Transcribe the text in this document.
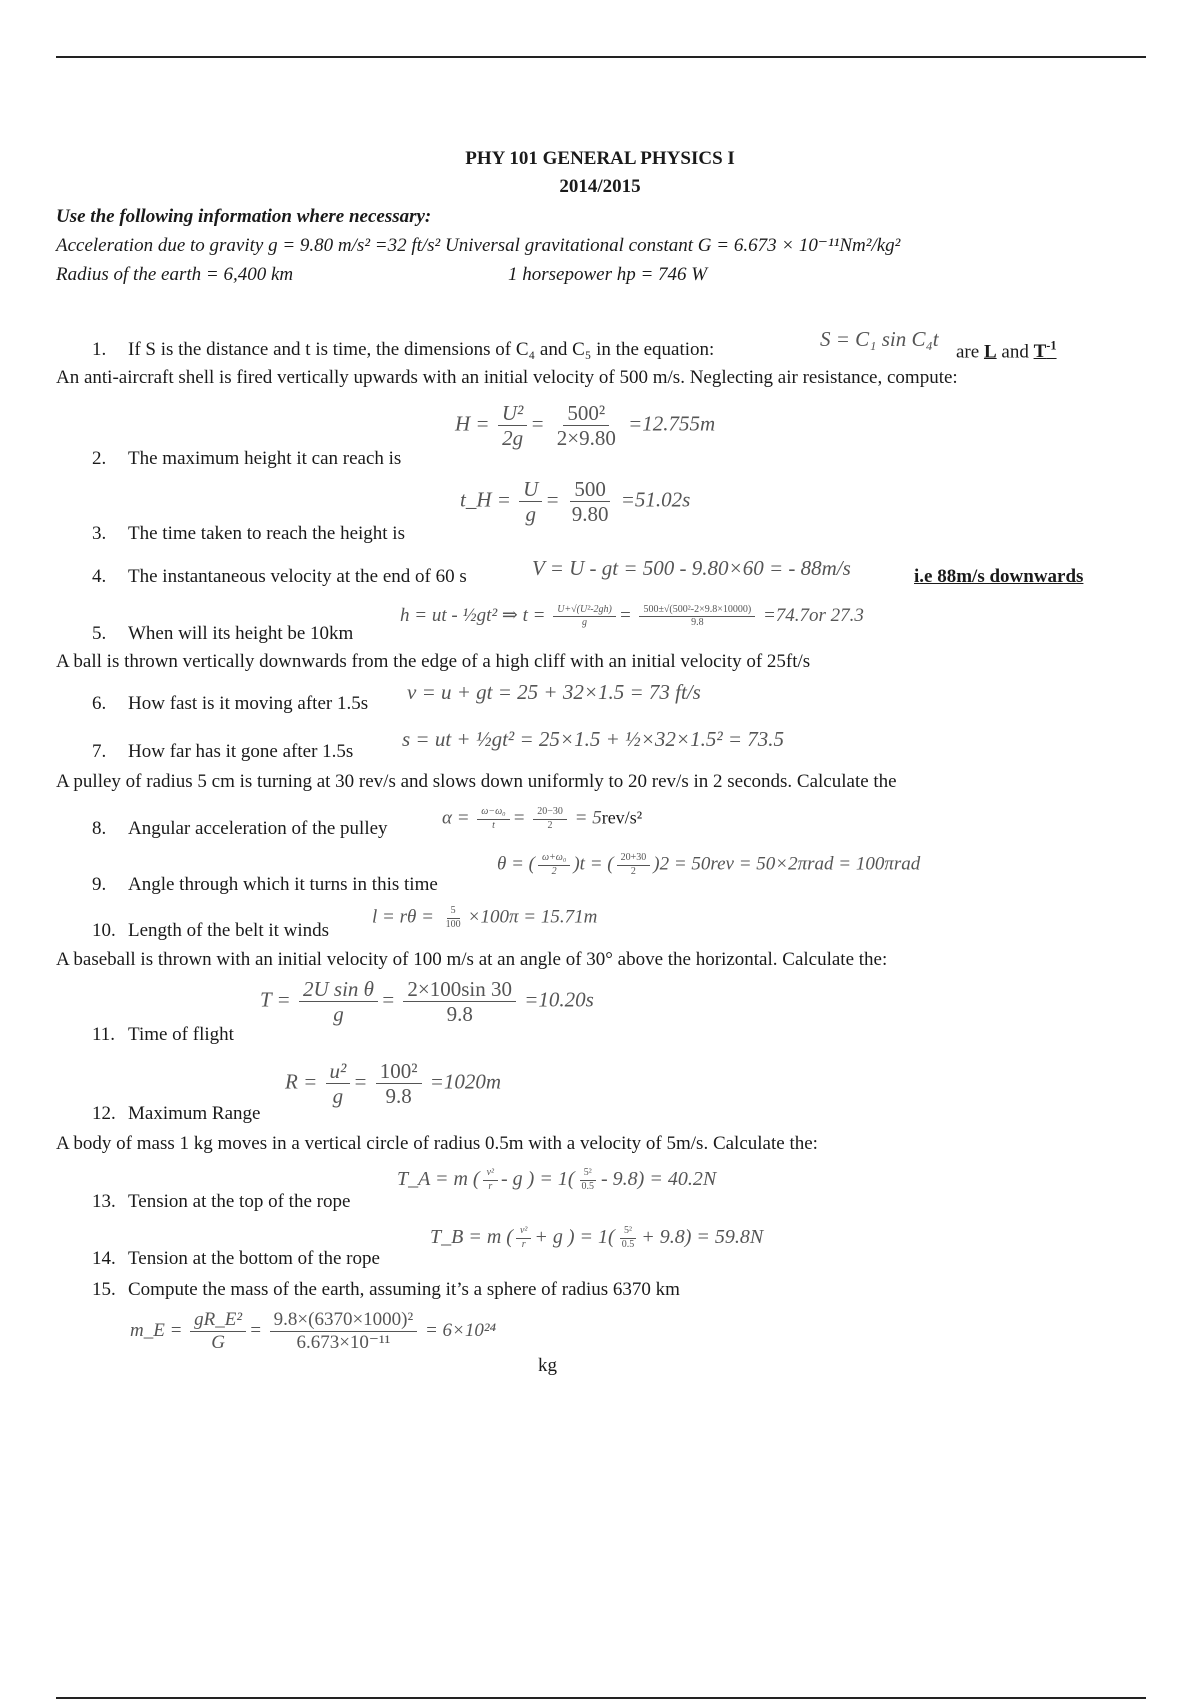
PHY 101 GENERAL PHYSICS I
2014/2015
Use the following information where necessary:
Acceleration due to gravity g = 9.80 m/s² =32 ft/s² Universal gravitational constant G = 6.673 × 10⁻¹¹Nm²/kg²
Radius of the earth = 6,400 km	1 horsepower hp = 746 W
1. If S is the distance and t is time, the dimensions of C₄ and C₅ in the equation:	S = C₁ sin C₄t
are L and $T^{-1}$
An anti-aircraft shell is fired vertically upwards with an initial velocity of 500 m/s. Neglecting air resistance, compute:
2. The maximum height it can reach is
$H = \frac{\text{U²}}{2g} = \frac{\text{500²}}{2\times 9.80} =12.755m$
3. The time taken to reach the height is
t_H = $\frac{U}{g} = \frac{500}{9.80} =51.02s$
4. The instantaneous velocity at the end of 60 s	V = U - gt = 500 - 9.80×60 = - 88m/s	i.e 88m/s downwards
5. When will its height be 10km
h = ut - ½gt² ⇒ $t = \frac{\text{U+√(U²-2gh)}}{g} = \frac{\text{500±√(500²-2×9.8×10000)}}{9.8} =74.7or$ 27.3
A ball is thrown vertically downwards from the edge of a high cliff with an initial velocity of 25ft/s
6. How fast is it moving after 1.5s v = u + gt = 25 + 32×1.5 = 73 ft/s
7. How far has it gone after 1.5s
s = ut + ½gt² = 25×1.5 + ½×32×1.5² = 73.5
A pulley of radius 5 cm is turning at 30 rev/s and slows down uniformly to 20 rev/s in 2 seconds. Calculate the
8. Angular acceleration of the pulley
$\alpha = \frac{\text{ω−ω₀}}{t} = \frac{20-30}{2} = 5rev/s^2$
9. Angle through which it turns in this time
θ = ( $\frac{\text{ω+ω₀}}{2} )t$ = ( $\frac{20+30}{2} )2 = 50rev = 50\times 2\pi rad = 100\pi rad$
10. Length of the belt it winds
$l = r\theta = \frac{5}{100} \times 100\pi = 15.71m$
A baseball is thrown with an initial velocity of 100 m/s at an angle of 30° above the horizontal. Calculate the:
11. Time of flight
$T = \frac{\text{2U sin θ}}{g} = \frac{2\times 100\sin 30}{9.8} =10.20s$
12. Maximum Range
$R = \frac{\text{u²}}{g} = \frac{\text{100²}}{9.8} =1020m$
A body of mass 1 kg moves in a vertical circle of radius 0.5m with a velocity of 5m/s. Calculate the:
13. Tension at the top of the rope
T_A = m ( $\frac{\text{v²}}{r}$ - g ) = $1( \frac{\text{5²}}{0.5} - 9.8) = 40.2N$
14. Tension at the bottom of the rope
T_B = m ( $\frac{\text{v²}}{r} + g$ ) = $1( \frac{\text{5²}}{0.5} + 9.8) = 59.8N$
15. Compute the mass of the earth, assuming it’s a sphere of radius 6370 km
m_E = $\frac{\text{gR\_E²}}{G} = \frac{\text{9.8×(6370×1000)²}}{\text{6.673×10⁻¹¹}} = 6\times 10^{24}$
kg
